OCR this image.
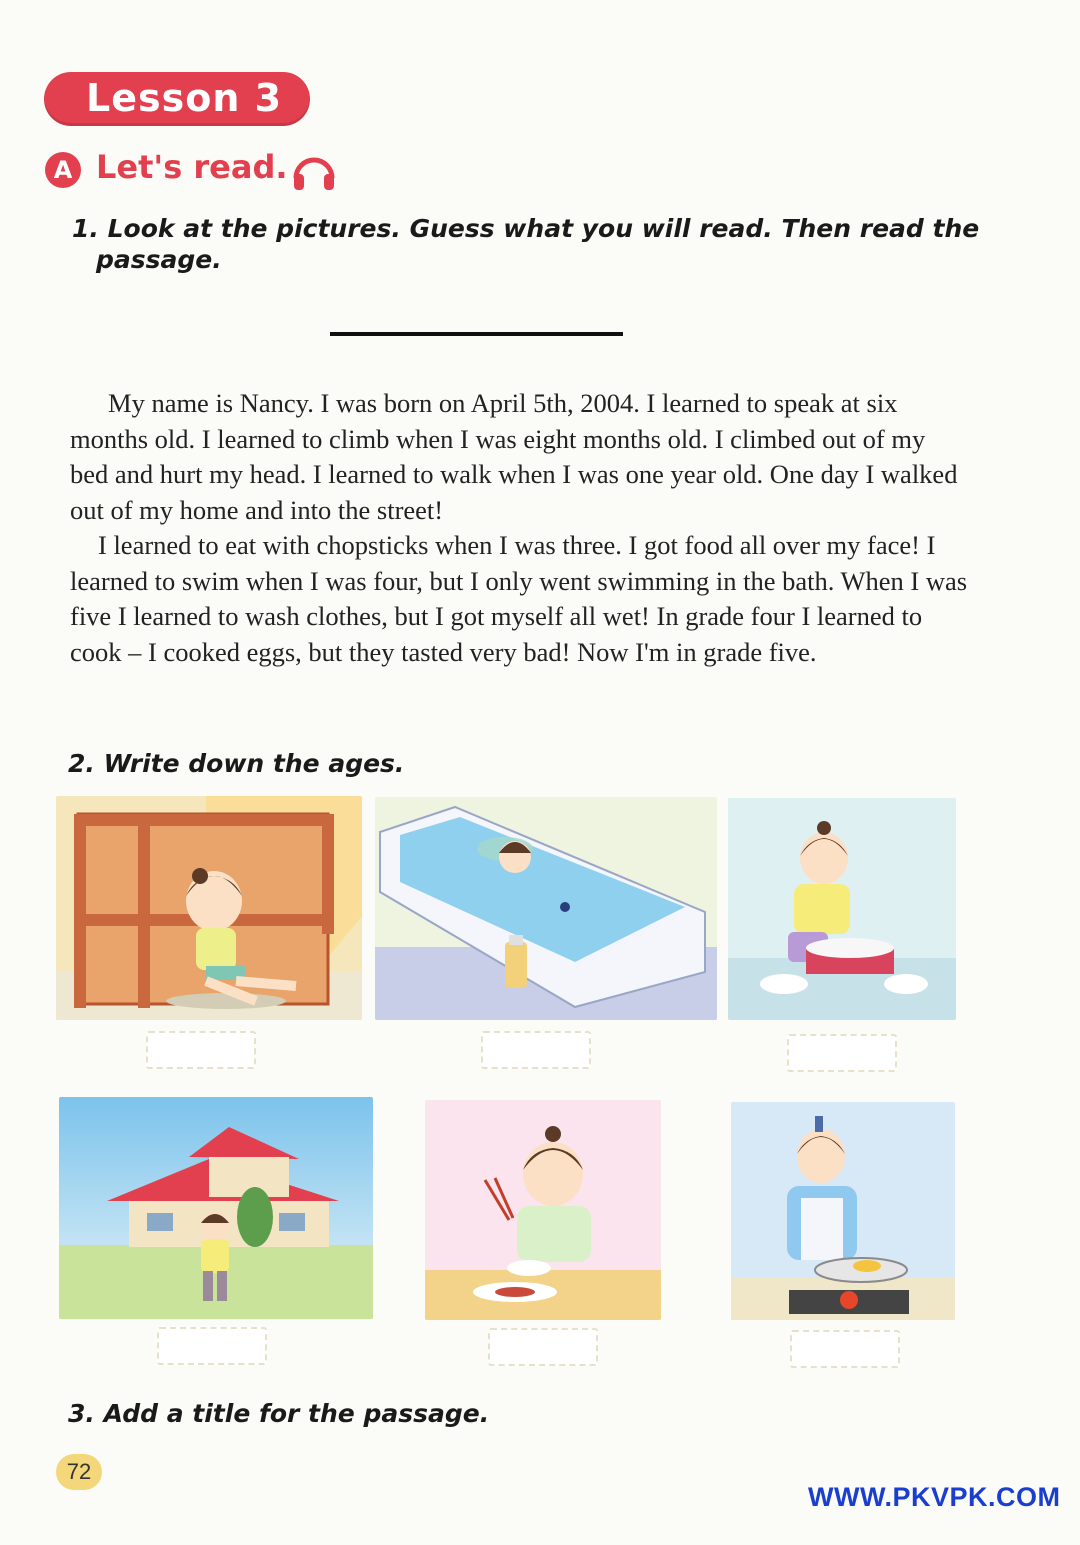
Lesson 3
A Let's read.
1. Look at the pictures. Guess what you will read. Then read the
passage.

My name is Nancy. I was born on April 5th, 2004. I learned to speak at six months old. I learned to climb when I was eight months old. I climbed out of my bed and hurt my head. I learned to walk when I was one year old. One day I walked out of my home and into the street!

I learned to eat with chopsticks when I was three. I got food all over my face! I learned to swim when I was four, but I only went swimming in the bath. When I was five I learned to wash clothes, but I got myself all wet! In grade four I learned to cook – I cooked eggs, but they tasted very bad! Now I'm in grade five.

2. Write down the ages.
3. Add a title for the passage.
72
WWW.PKVPK.COM
